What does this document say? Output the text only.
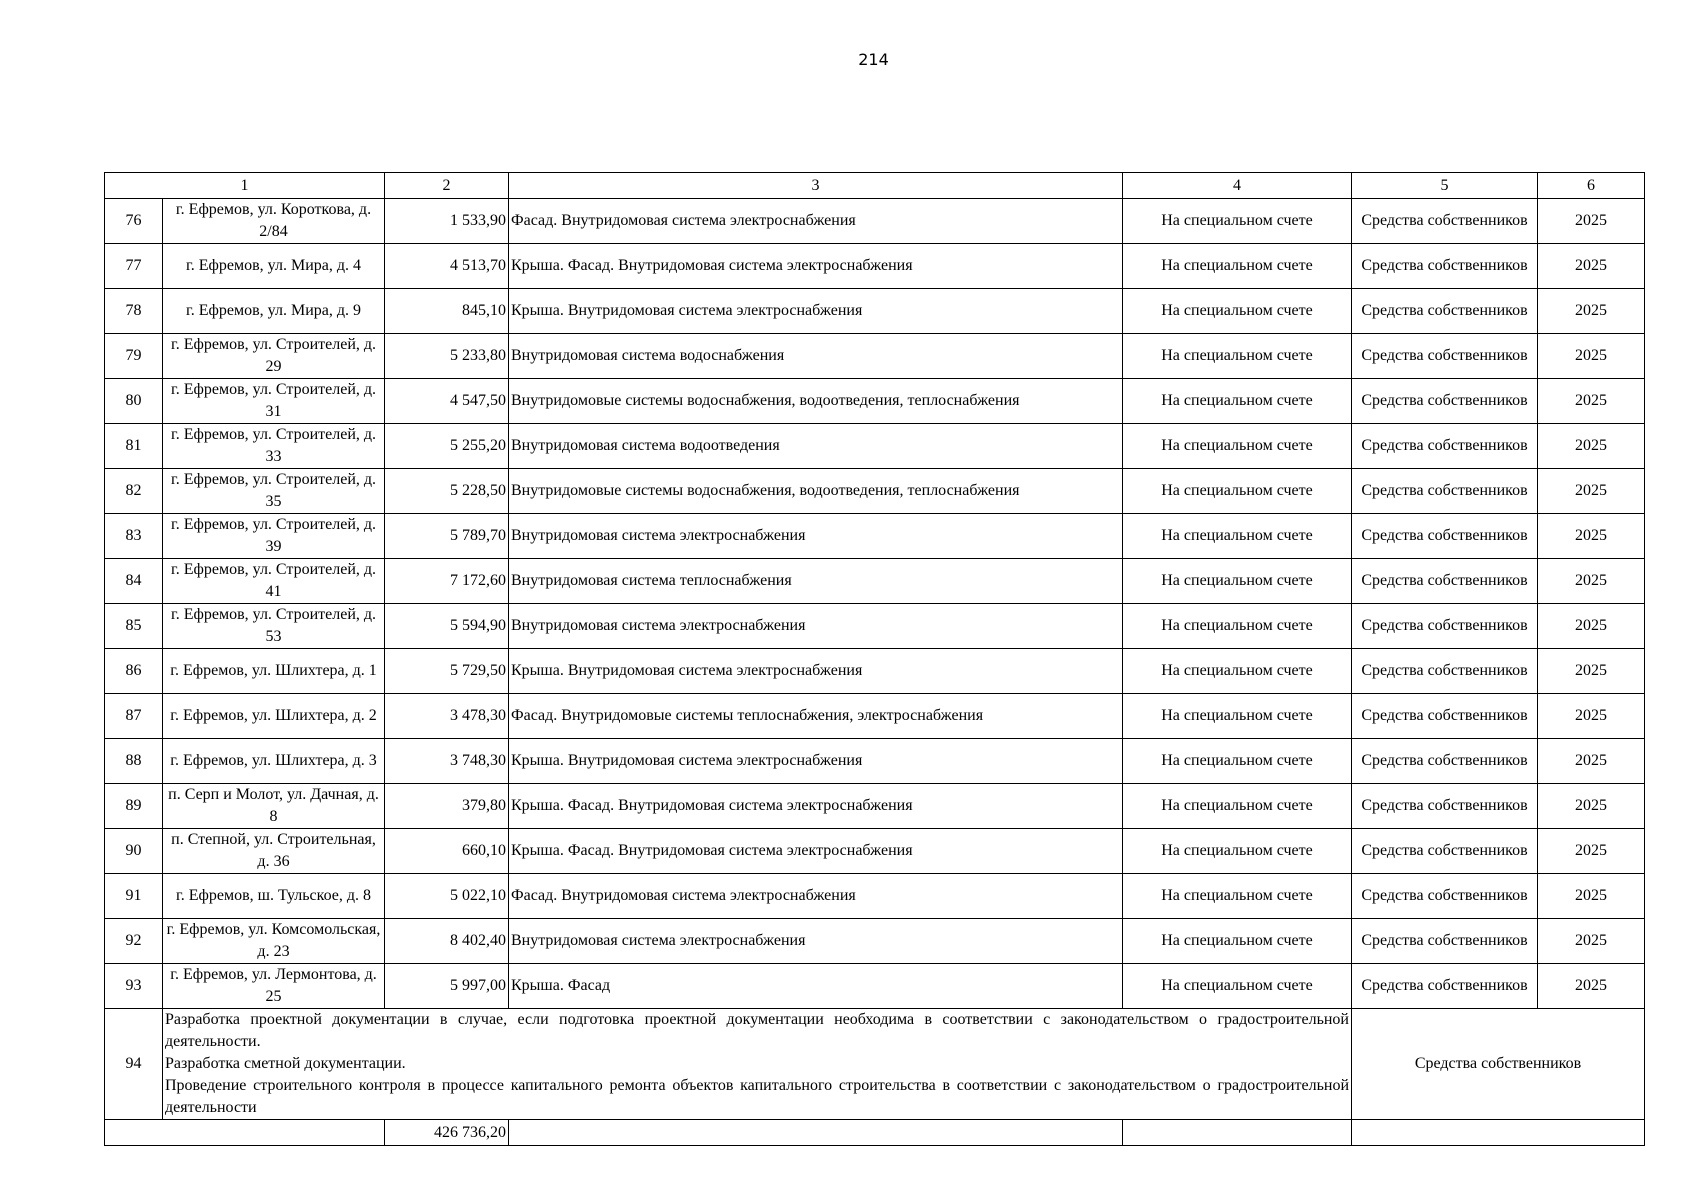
214
1		2	3	4	5	6
76	г. Ефремов, ул. Короткова, д. 2/84	1 533,90	Фасад. Внутридомовая система электроснабжения	На специальном счете	Средства собственников	2025
77	г. Ефремов, ул. Мира, д. 4	4 513,70	Крыша. Фасад. Внутридомовая система электроснабжения	На специальном счете	Средства собственников	2025
78	г. Ефремов, ул. Мира, д. 9	845,10	Крыша. Внутридомовая система электроснабжения	На специальном счете	Средства собственников	2025
79	г. Ефремов, ул. Строителей, д. 29	5 233,80	Внутридомовая система водоснабжения	На специальном счете	Средства собственников	2025
80	г. Ефремов, ул. Строителей, д. 31	4 547,50	Внутридомовые системы водоснабжения, водоотведения, теплоснабжения	На специальном счете	Средства собственников	2025
81	г. Ефремов, ул. Строителей, д. 33	5 255,20	Внутридомовая система водоотведения	На специальном счете	Средства собственников	2025
82	г. Ефремов, ул. Строителей, д. 35	5 228,50	Внутридомовые системы водоснабжения, водоотведения, теплоснабжения	На специальном счете	Средства собственников	2025
83	г. Ефремов, ул. Строителей, д. 39	5 789,70	Внутридомовая система электроснабжения	На специальном счете	Средства собственников	2025
84	г. Ефремов, ул. Строителей, д. 41	7 172,60	Внутридомовая система теплоснабжения	На специальном счете	Средства собственников	2025
85	г. Ефремов, ул. Строителей, д. 53	5 594,90	Внутридомовая система электроснабжения	На специальном счете	Средства собственников	2025
86	г. Ефремов, ул. Шлихтера, д. 1	5 729,50	Крыша. Внутридомовая система электроснабжения	На специальном счете	Средства собственников	2025
87	г. Ефремов, ул. Шлихтера, д. 2	3 478,30	Фасад. Внутридомовые системы теплоснабжения, электроснабжения	На специальном счете	Средства собственников	2025
88	г. Ефремов, ул. Шлихтера, д. 3	3 748,30	Крыша. Внутридомовая система электроснабжения	На специальном счете	Средства собственников	2025
89	п. Серп и Молот, ул. Дачная, д. 8	379,80	Крыша. Фасад. Внутридомовая система электроснабжения	На специальном счете	Средства собственников	2025
90	п. Степной, ул. Строительная, д. 36	660,10	Крыша. Фасад. Внутридомовая система электроснабжения	На специальном счете	Средства собственников	2025
91	г. Ефремов, ш. Тульское, д. 8	5 022,10	Фасад. Внутридомовая система электроснабжения	На специальном счете	Средства собственников	2025
92	г. Ефремов, ул. Комсомольская, д. 23	8 402,40	Внутридомовая система электроснабжения	На специальном счете	Средства собственников	2025
93	г. Ефремов, ул. Лермонтова, д. 25	5 997,00	Крыша. Фасад	На специальном счете	Средства собственников	2025
94	Разработка проектной документации в случае, если подготовка проектной документации необходима в соответствии с законодательством о градостроительной деятельности.
Разработка сметной документации.
Проведение строительного контроля в процессе капитального ремонта объектов капитального строительства в соответствии с законодательством о градостроительной деятельности				Средства собственников	
		426 736,20				
